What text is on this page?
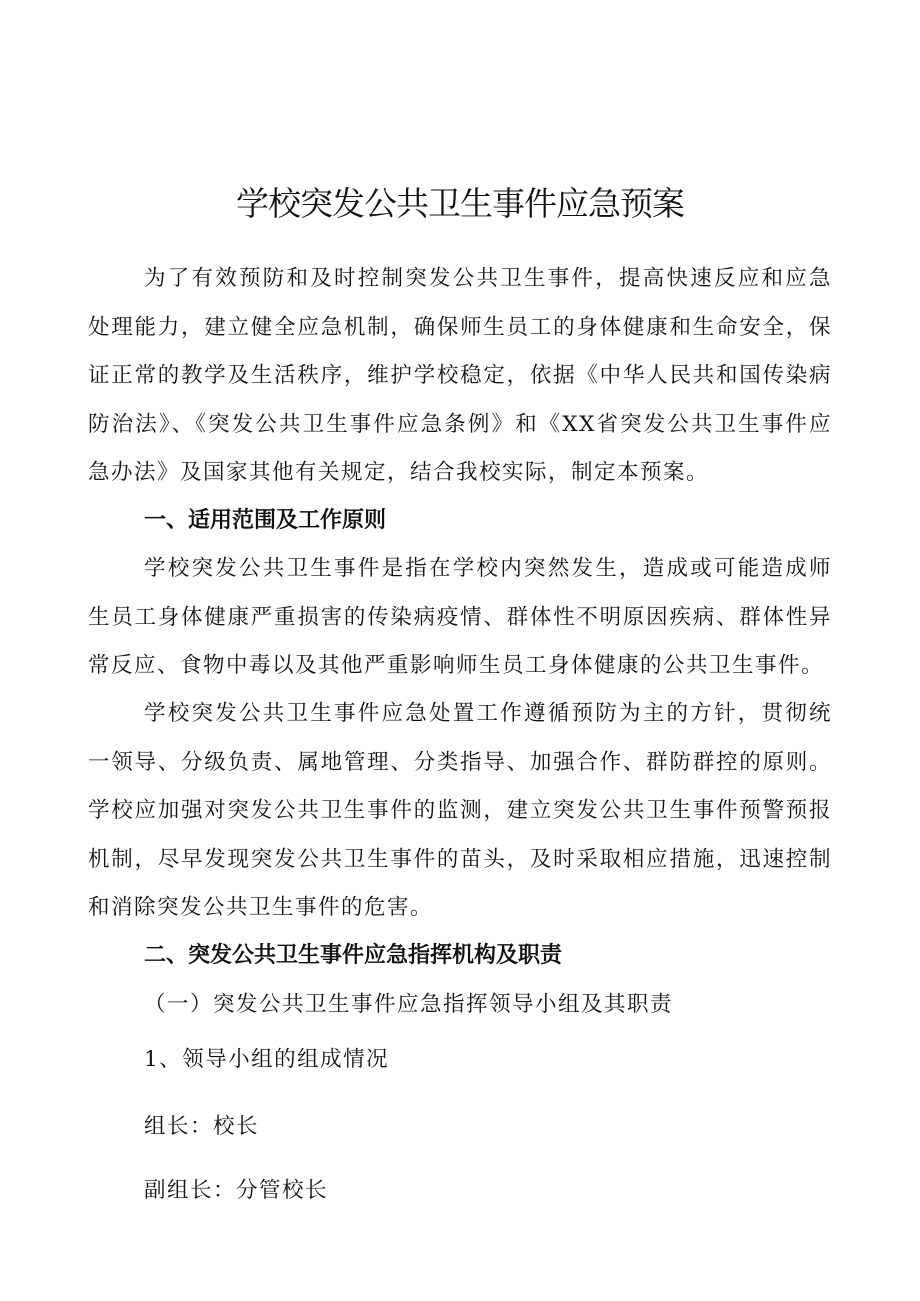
学校突发公共卫生事件应急预案

为了有效预防和及时控制突发公共卫生事件，提高快速反应和应急处理能力，建立健全应急机制，确保师生员工的身体健康和生命安全，保证正常的教学及生活秩序，维护学校稳定，依据《中华人民共和国传染病防治法》、《突发公共卫生事件应急条例》和《XX省突发公共卫生事件应急办法》及国家其他有关规定，结合我校实际，制定本预案。

一、适用范围及工作原则

学校突发公共卫生事件是指在学校内突然发生，造成或可能造成师生员工身体健康严重损害的传染病疫情、群体性不明原因疾病、群体性异常反应、食物中毒以及其他严重影响师生员工身体健康的公共卫生事件。

学校突发公共卫生事件应急处置工作遵循预防为主的方针，贯彻统一领导、分级负责、属地管理、分类指导、加强合作、群防群控的原则。学校应加强对突发公共卫生事件的监测，建立突发公共卫生事件预警预报机制，尽早发现突发公共卫生事件的苗头，及时采取相应措施，迅速控制和消除突发公共卫生事件的危害。

二、突发公共卫生事件应急指挥机构及职责

（一）突发公共卫生事件应急指挥领导小组及其职责

1、领导小组的组成情况

组长：校长

副组长：分管校长
